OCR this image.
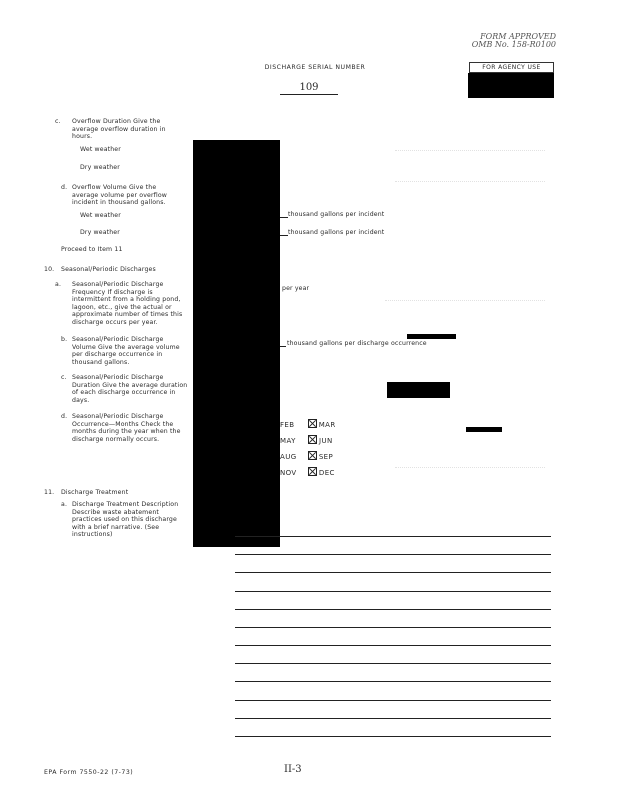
FORM APPROVED
OMB No. 158-R0100
DISCHARGE SERIAL NUMBER	FOR AGENCY USE
109
c. Overflow Duration Give the average overflow duration in hours.
Wet weather
Dry weather
d. Overflow Volume Give the average volume per overflow incident in thousand gallons.
Wet weather
Dry weather
thousand gallons per incident
thousand gallons per incident
Proceed to Item 11
10. Seasonal/Periodic Discharges
a. Seasonal/Periodic Discharge Frequency If discharge is intermittent from a holding pond, lagoon, etc., give the actual or approximate number of times this discharge occurs per year.
per year
b. Seasonal/Periodic Discharge Volume Give the average volume per discharge occurrence in thousand gallons.
thousand gallons per discharge occurrence
c. Seasonal/Periodic Discharge Duration Give the average duration of each discharge occurrence in days.
d. Seasonal/Periodic Discharge Occurrence—Months Check the months during the year when the discharge normally occurs.
FEB	MAR
MAY	JUN
AUG	SEP
NOV	DEC
11. Discharge Treatment
a. Discharge Treatment Description Describe waste abatement practices used on this discharge with a brief narrative. (See instructions)
EPA Form 7550-22 (7-73)	II-3
